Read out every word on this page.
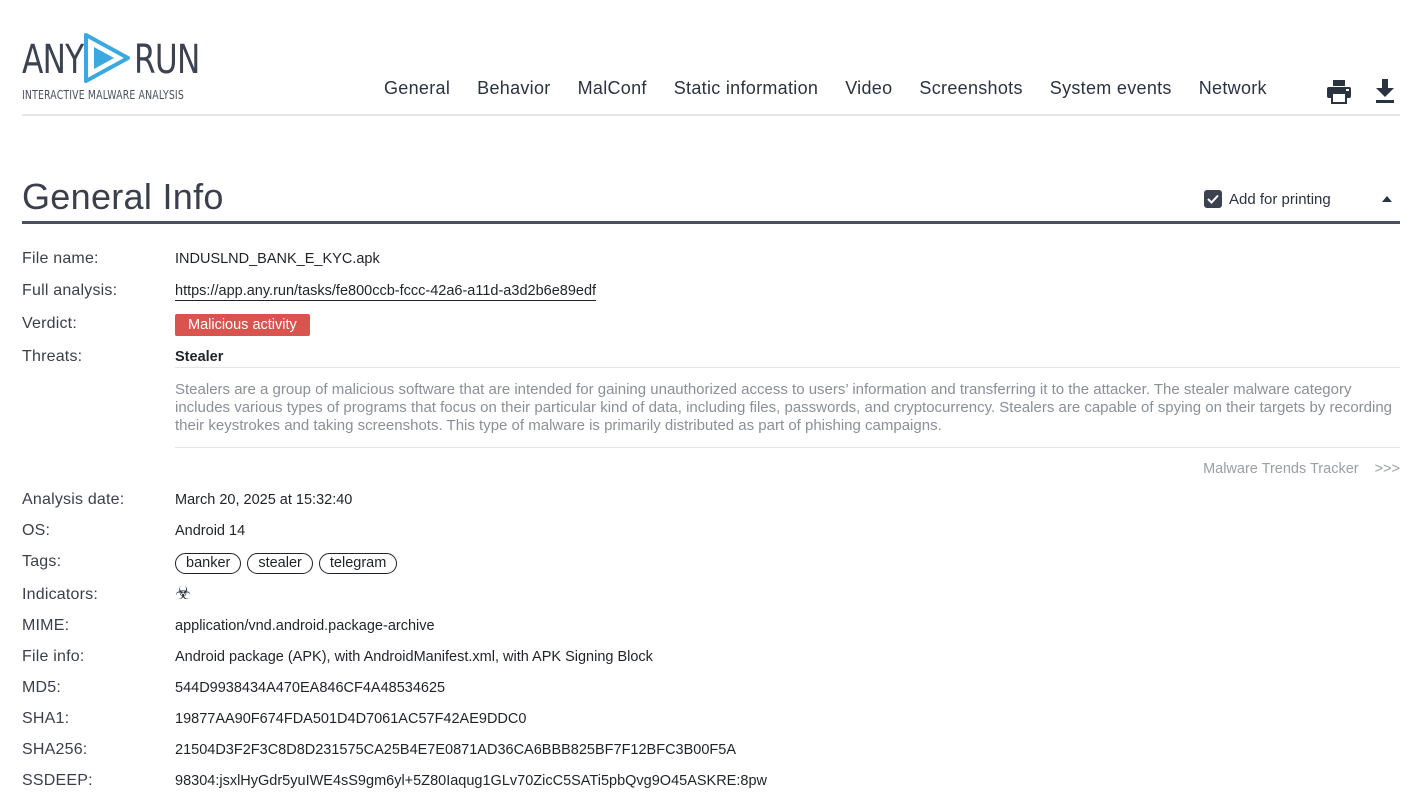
ANY RUN
INTERACTIVE MALWARE ANALYSIS	General Behavior MalConf Static information Video Screenshots System events Network
General Info	Add for printing
File name:	INDUSLND_BANK_E_KYC.apk
Full analysis:	https://app.any.run/tasks/fe800ccb-fccc-42a6-a11d-a3d2b6e89edf
Verdict:	Malicious activity
Threats:	Stealer
Stealers are a group of malicious software that are intended for gaining unauthorized access to users’ information and transferring it to the attacker. The stealer malware category includes various types of programs that focus on their particular kind of data, including files, passwords, and cryptocurrency. Stealers are capable of spying on their targets by recording their keystrokes and taking screenshots. This type of malware is primarily distributed as part of phishing campaigns.
Malware Trends Tracker >>>
Analysis date:	March 20, 2025 at 15:32:40
OS:	Android 14
Tags:	banker	stealer	telegram
Indicators:	☣
MIME:	application/vnd.android.package-archive
File info:	Android package (APK), with AndroidManifest.xml, with APK Signing Block
MD5:	544D9938434A470EA846CF4A48534625
SHA1:	19877AA90F674FDA501D4D7061AC57F42AE9DDC0
SHA256:	21504D3F2F3C8D8D231575CA25B4E7E0871AD36CA6BBB825BF7F12BFC3B00F5A
SSDEEP:	98304:jsxlHyGdr5yuIWE4sS9gm6yl+5Z80Iaqug1GLv70ZicC5SATi5pbQvg9O45ASKRE:8pw
